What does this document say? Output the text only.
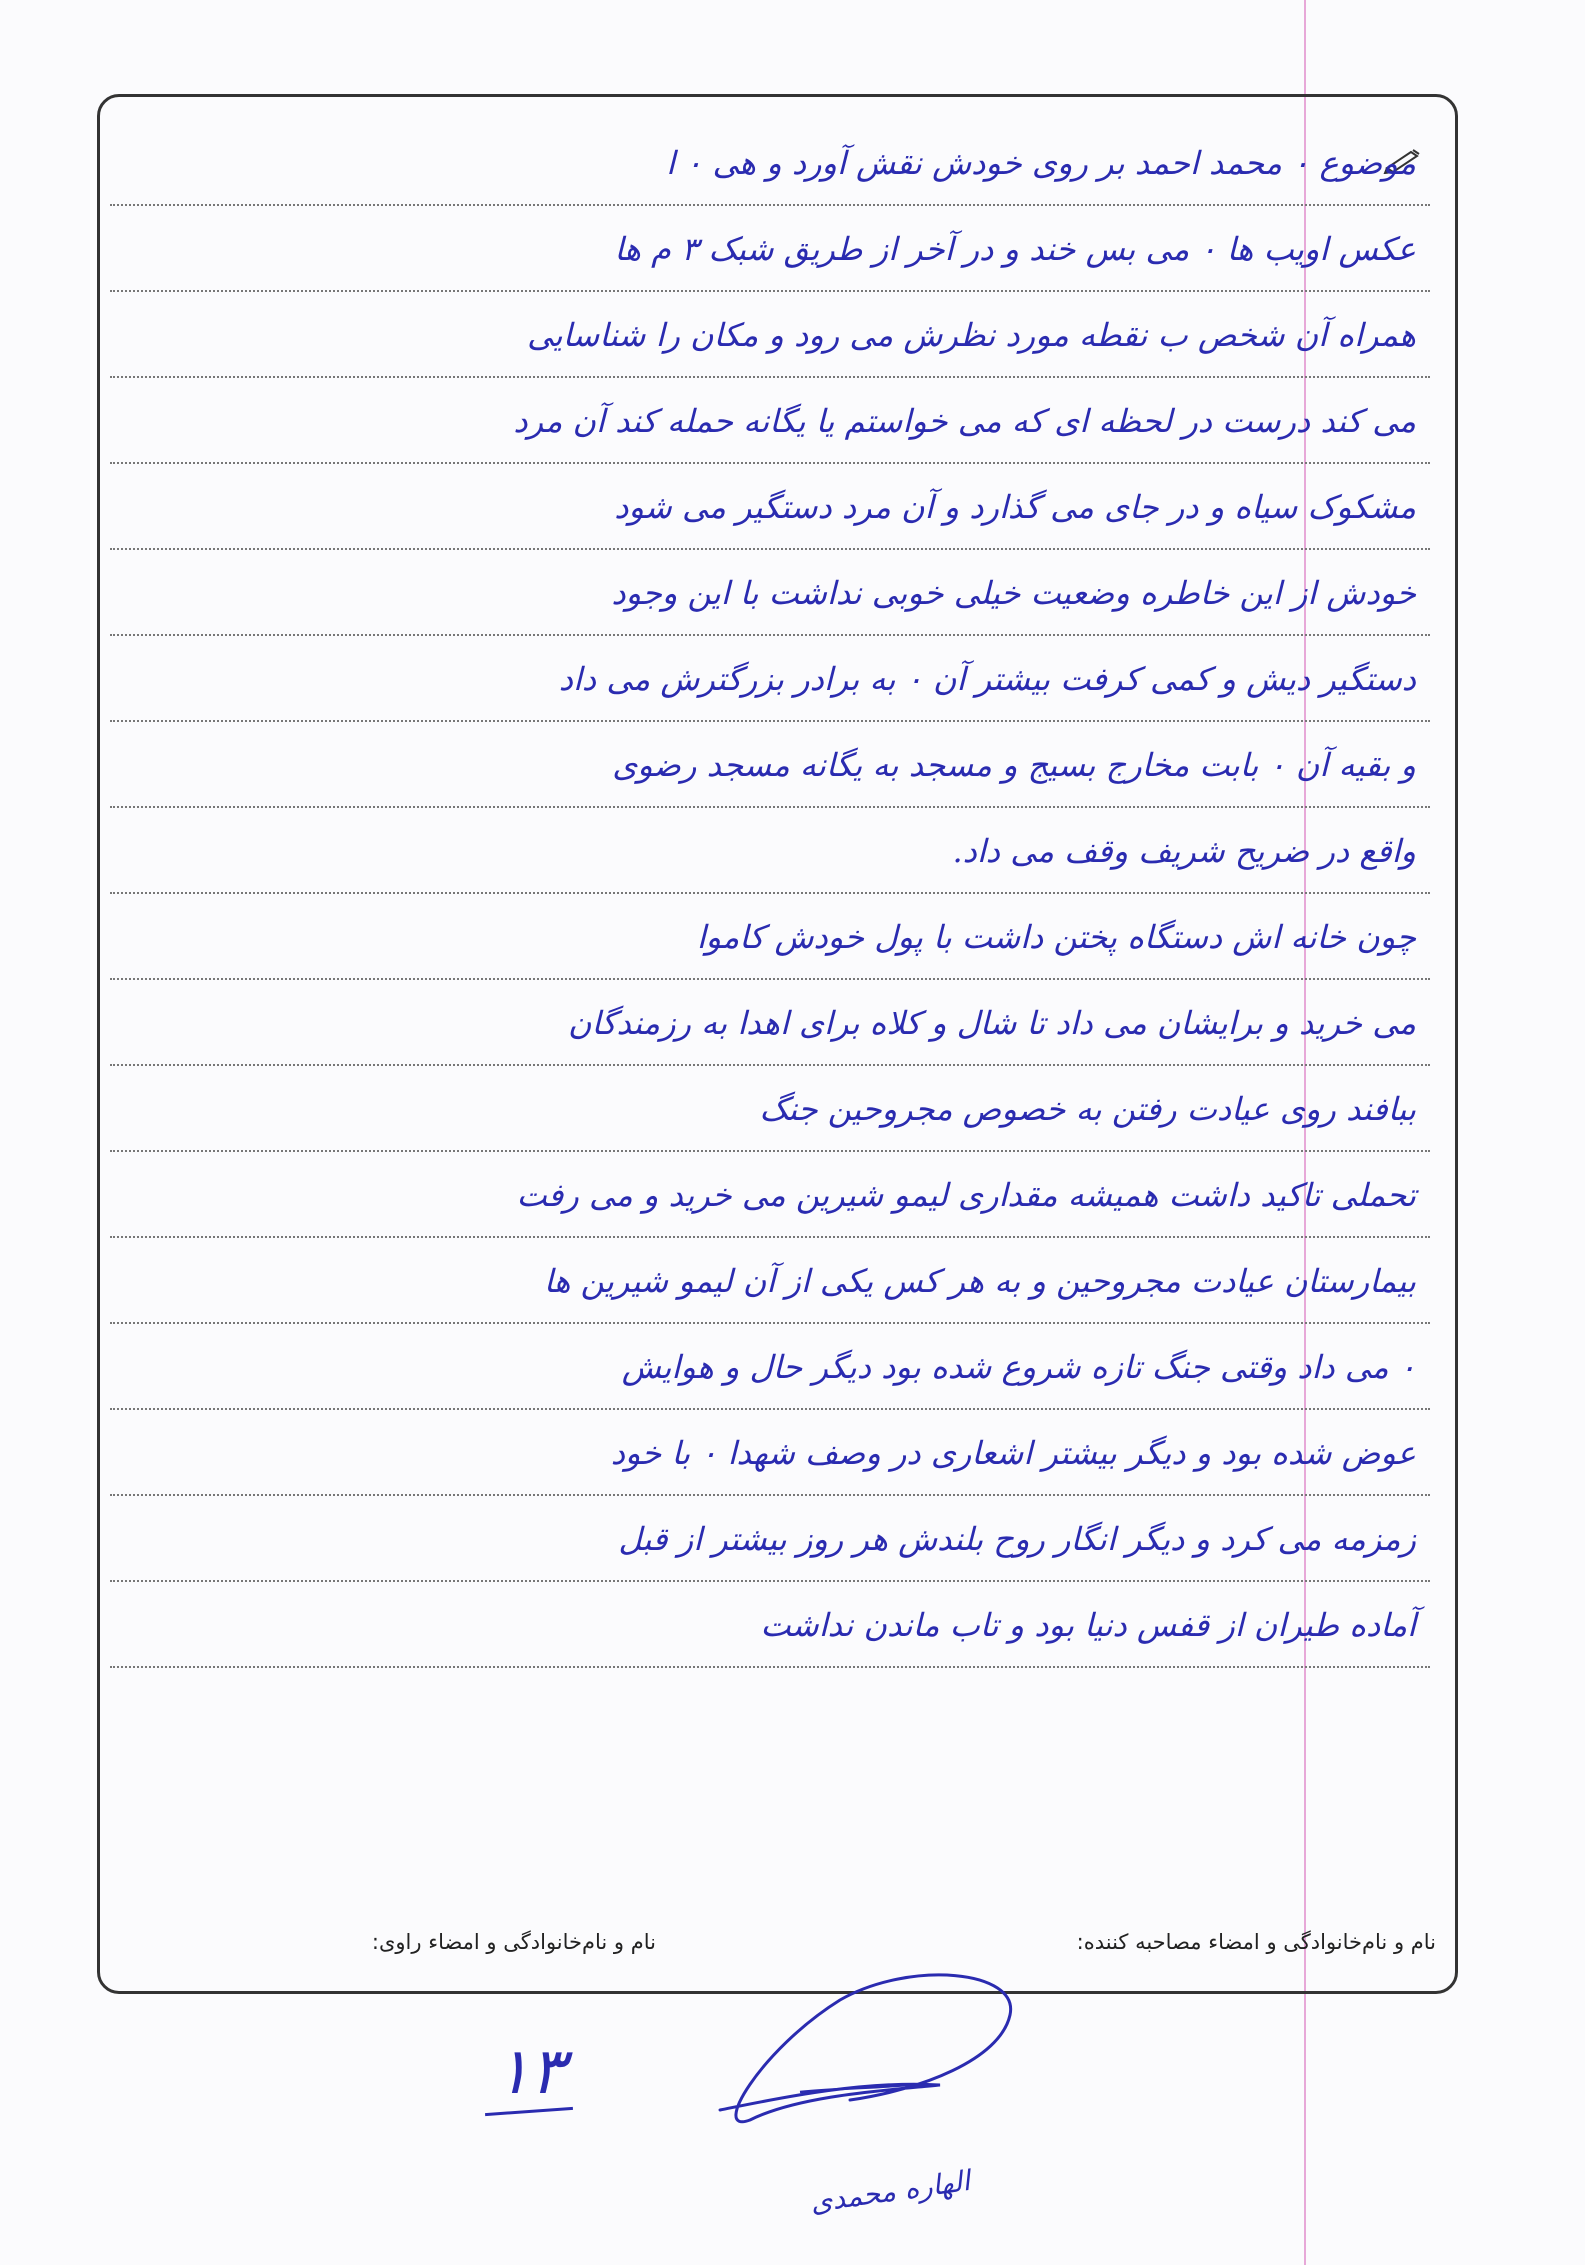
موضوع ۰ محمد احمد بر روی خودش نقش آورد و هی ۰ ا
عکس اویب ها ۰ می بس خند و در آخر از طریق شبک ۳ م ها
همراه آن شخص ب نقطه مورد نظرش می رود و مکان را شناسایی
می کند درست در لحظه ای که می خواستم یا یگانه حمله کند آن مرد
مشکوک سیاه و در جای می گذارد و آن مرد دستگیر می شود
خودش از این خاطره وضعیت خیلی خوبی نداشت با این وجود
دستگیر دیش و کمی کرفت بیشتر آن ۰ به برادر بزرگترش می داد
و بقیه آن ۰ بابت مخارج بسیج و مسجد به یگانه مسجد رضوی
واقع در ضریح شریف وقف می داد.
چون خانه اش دستگاه پختن داشت با پول خودش کاموا
می خرید و برایشان می داد تا شال و کلاه برای اهدا به رزمندگان
ببافند روی عیادت رفتن به خصوص مجروحین جنگ
تحملی تاکید داشت همیشه مقداری لیمو شیرین می خرید و می رفت
بیمارستان عیادت مجروحین و به هر کس یکی از آن لیمو شیرین ها
۰ می داد وقتی جنگ تازه شروع شده بود دیگر حال و هوایش
عوض شده بود و دیگر بیشتر اشعاری در وصف شهدا ۰ با خود
زمزمه می کرد و دیگر انگار روح بلندش هر روز بیشتر از قبل
آماده طیران از قفس دنیا بود و تاب ماندن نداشت
نام و نام‌خانوادگی و امضاء مصاحبه کننده:
نام و نام‌خانوادگی و امضاء راوی:
۱۳
الهاره محمدی
